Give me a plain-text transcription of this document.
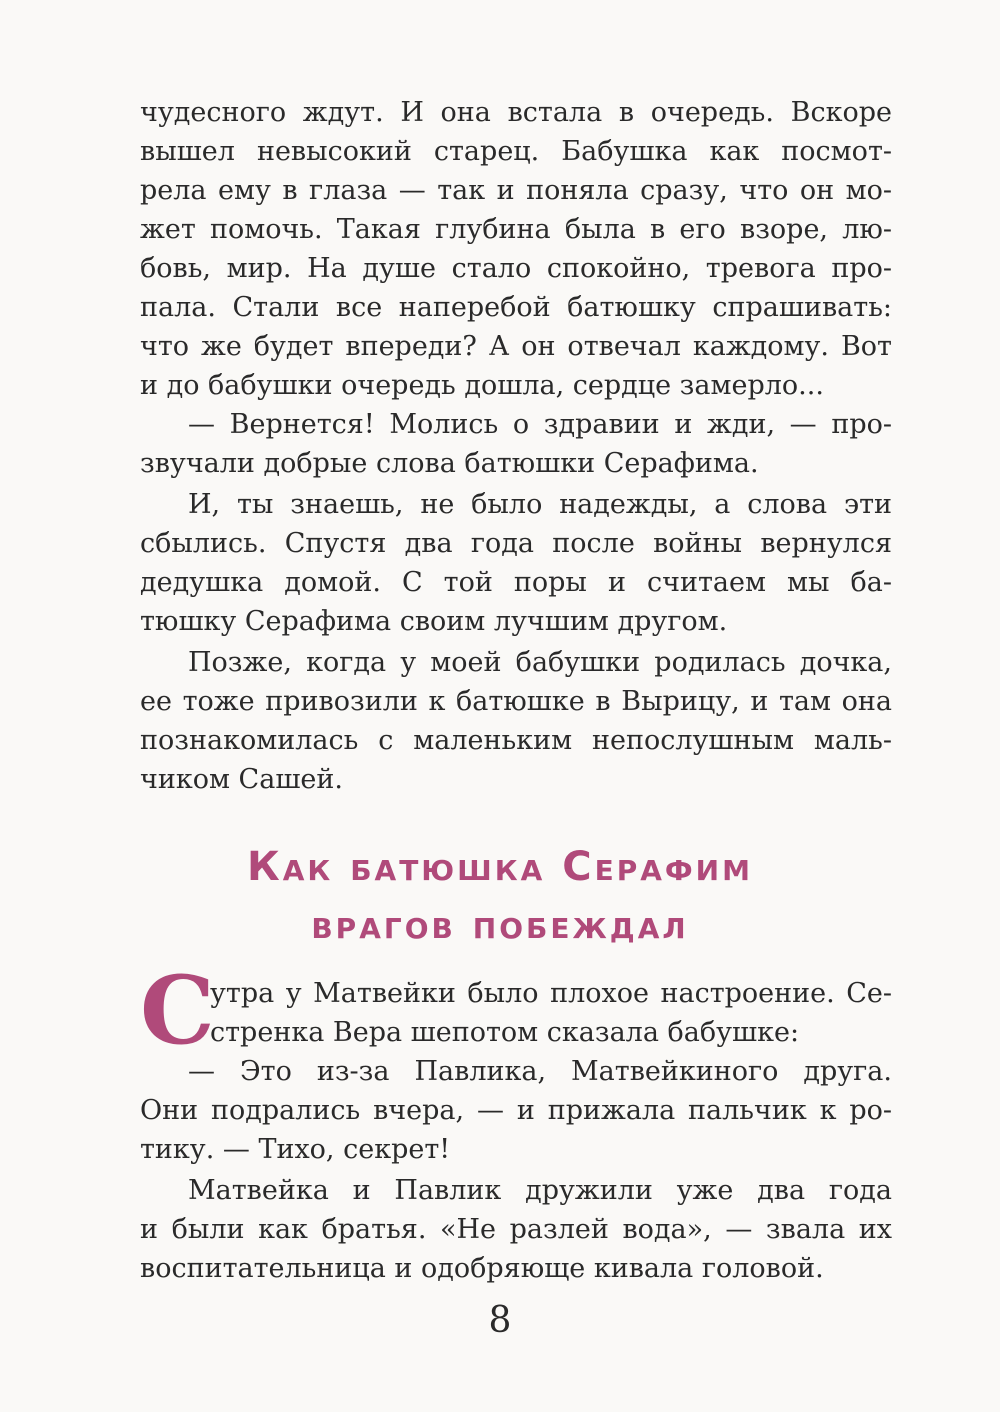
чудесного ждут. И она встала в очередь. Вскоре
вышел невысокий старец. Бабушка как посмот-
рела ему в глаза — так и поняла сразу, что он мо-
жет помочь. Такая глубина была в его взоре, лю-
бовь, мир. На душе стало спокойно, тревога про-
пала. Стали все наперебой батюшку спрашивать:
что же будет впереди? А он отвечал каждому. Вот
и до бабушки очередь дошла, сердце замерло...
— Вернется! Молись о здравии и жди, — про-
звучали добрые слова батюшки Серафима.
И, ты знаешь, не было надежды, а слова эти
сбылись. Спустя два года после войны вернулся
дедушка домой. С той поры и считаем мы ба-
тюшку Серафима своим лучшим другом.
Позже, когда у моей бабушки родилась дочка,
ее тоже привозили к батюшке в Вырицу, и там она
познакомилась с маленьким непослушным маль-
чиком Сашей.
Как батюшка Серафим
врагов побеждал
С
утра у Матвейки было плохое настроение. Се-
стренка Вера шепотом сказала бабушке:
— Это из-за Павлика, Матвейкиного друга.
Они подрались вчера, — и прижала пальчик к ро-
тику. — Тихо, секрет!
Матвейка и Павлик дружили уже два года
и были как братья. «Не разлей вода», — звала их
воспитательница и одобряюще кивала головой.
8
